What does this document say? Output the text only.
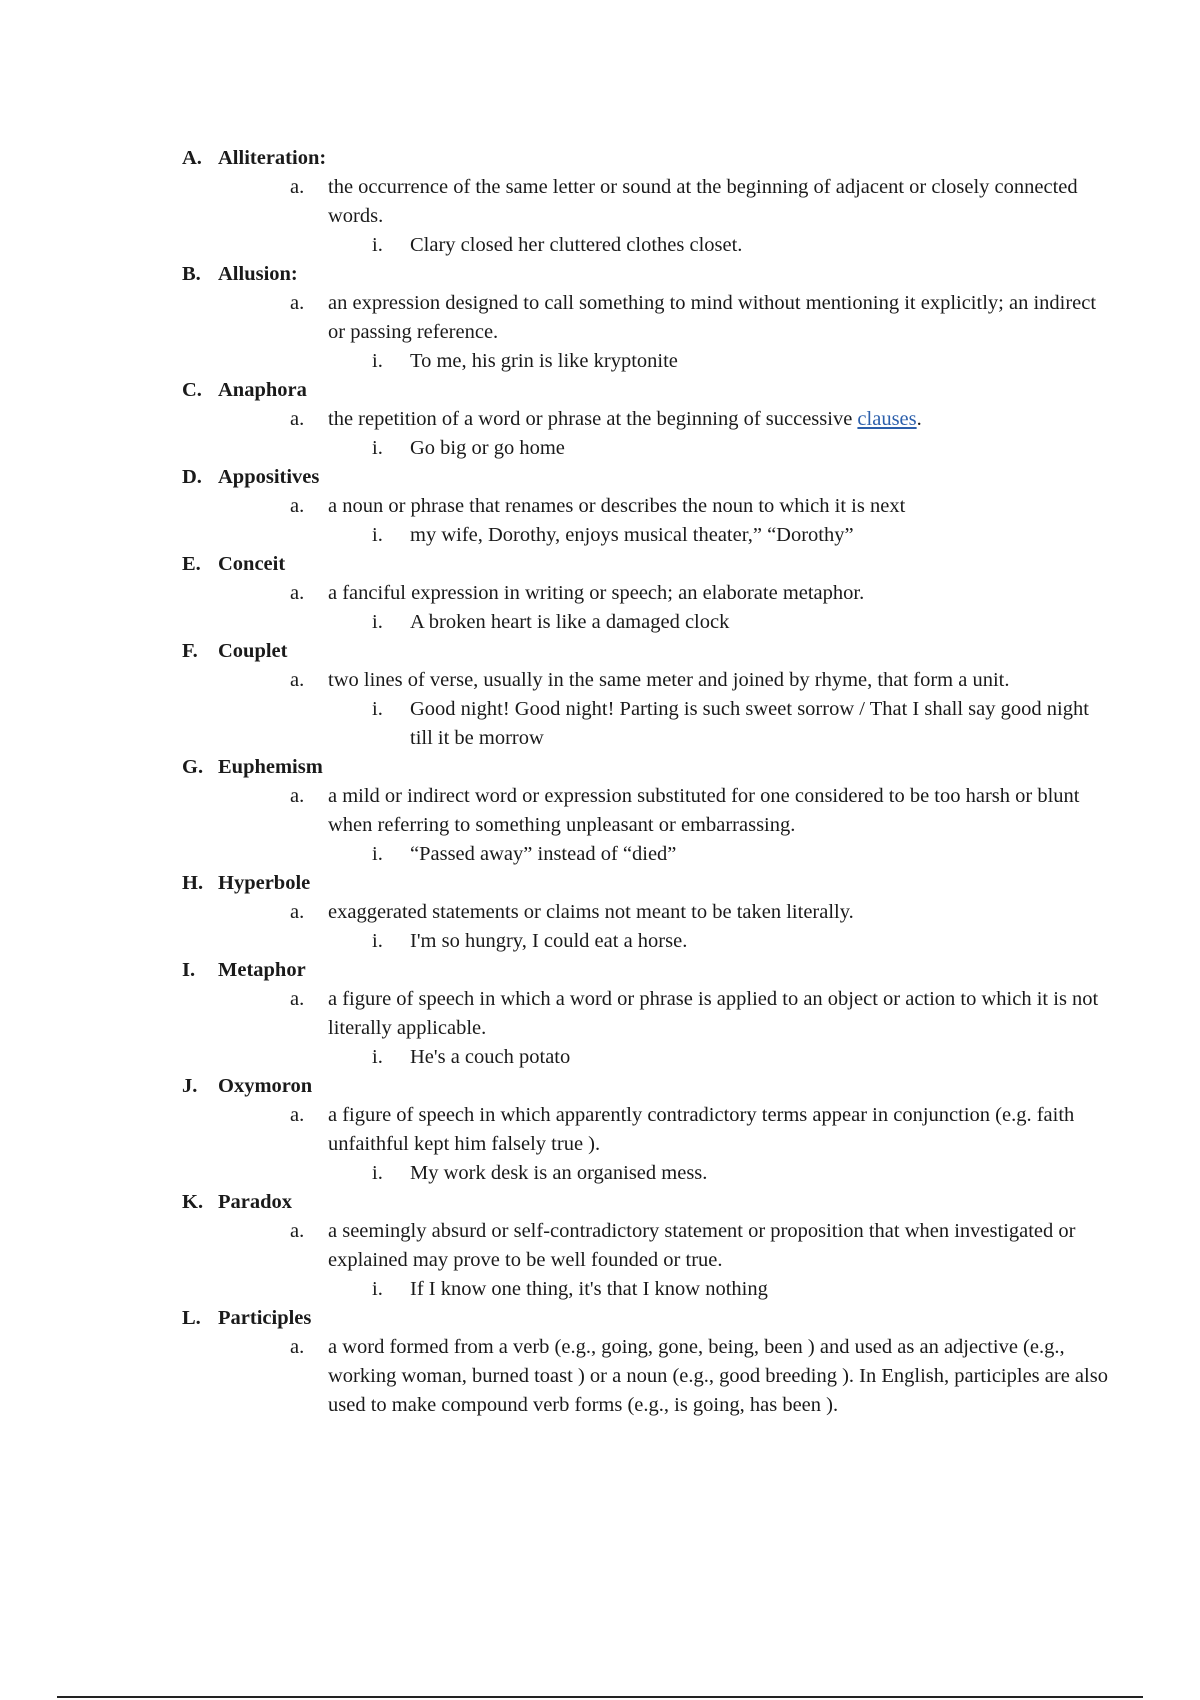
A. Alliteration:
a.	the occurrence of the same letter or sound at the beginning of adjacent or closely connected words.
i.	Clary closed her cluttered clothes closet.
B. Allusion:
a.	an expression designed to call something to mind without mentioning it explicitly; an indirect or passing reference.
i.	To me, his grin is like kryptonite
C. Anaphora
a.	the repetition of a word or phrase at the beginning of successive clauses.
i.	Go big or go home
D. Appositives
a.	a noun or phrase that renames or describes the noun to which it is next
i.	my wife, Dorothy, enjoys musical theater,” “Dorothy”
E. Conceit
a.	a fanciful expression in writing or speech; an elaborate metaphor.
i.	A broken heart is like a damaged clock
F. Couplet
a.	two lines of verse, usually in the same meter and joined by rhyme, that form a unit.
i.	Good night! Good night! Parting is such sweet sorrow / That I shall say good night till it be morrow
G. Euphemism
a.	a mild or indirect word or expression substituted for one considered to be too harsh or blunt when referring to something unpleasant or embarrassing.
i.	“Passed away” instead of “died”
H. Hyperbole
a.	exaggerated statements or claims not meant to be taken literally.
i.	I'm so hungry, I could eat a horse.
I.	Metaphor
a.	a figure of speech in which a word or phrase is applied to an object or action to which it is not literally applicable.
i.	He's a couch potato
J.	Oxymoron
a.	a figure of speech in which apparently contradictory terms appear in conjunction (e.g. faith unfaithful kept him falsely true ).
i.	My work desk is an organised mess.
K. Paradox
a.	a seemingly absurd or self-contradictory statement or proposition that when investigated or explained may prove to be well founded or true.
i.	If I know one thing, it's that I know nothing
L. Participles
a.	a word formed from a verb (e.g., going, gone, being, been ) and used as an adjective (e.g., working woman, burned toast ) or a noun (e.g., good breeding ). In English, participles are also used to make compound verb forms (e.g., is going, has been ).
